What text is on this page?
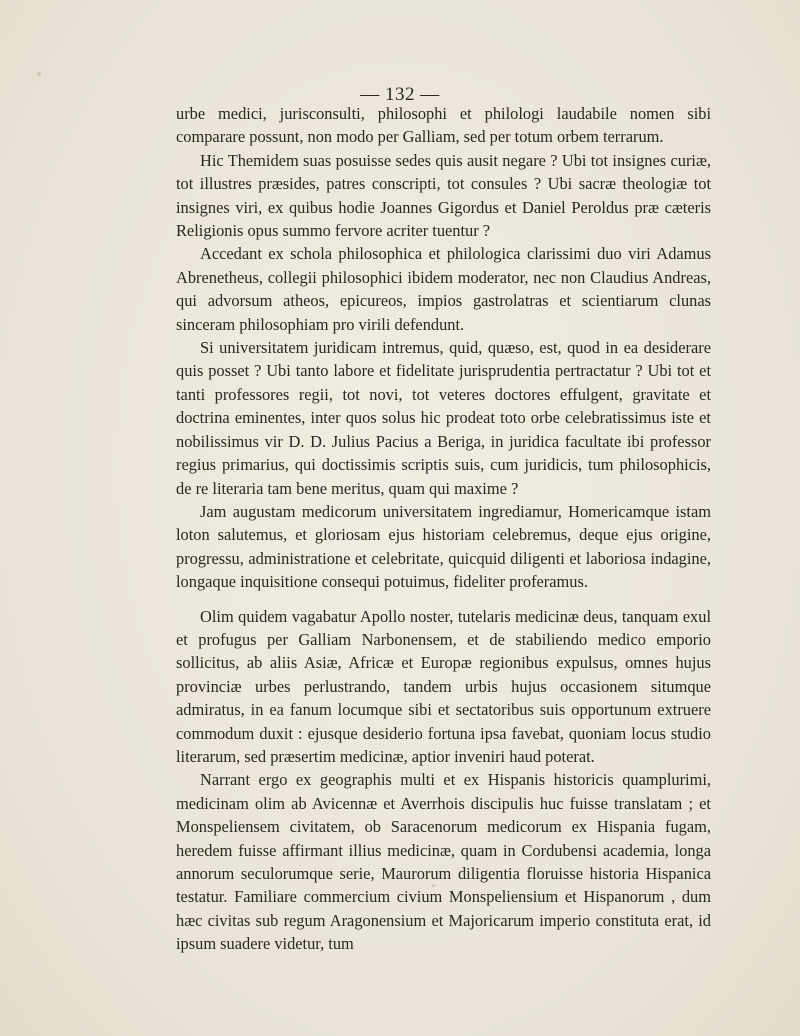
— 132 —

urbe medici, jurisconsulti, philosophi et philologi laudabile nomen sibi comparare possunt, non modo per Galliam, sed per totum orbem terrarum.

Hic Themidem suas posuisse sedes quis ausit negare ? Ubi tot insignes curiæ, tot illustres præsides, patres conscripti, tot consules ? Ubi sacræ theologiæ tot insignes viri, ex quibus hodie Joannes Gigordus et Daniel Peroldus præ cæteris Religionis opus summo fervore acriter tuentur ?

Accedant ex schola philosophica et philologica clarissimi duo viri Adamus Abrenetheus, collegii philosophici ibidem moderator, nec non Claudius Andreas, qui advorsum atheos, epicureos, impios gastrolatras et scientiarum clunas sinceram philosophiam pro virili defendunt.

Si universitatem juridicam intremus, quid, quæso, est, quod in ea desiderare quis posset ? Ubi tanto labore et fidelitate jurisprudentia pertractatur ? Ubi tot et tanti professores regii, tot novi, tot veteres doctores effulgent, gravitate et doctrina eminentes, inter quos solus hic prodeat toto orbe celebratissimus iste et nobilissimus vir D. D. Julius Pacius a Beriga, in juridica facultate ibi professor regius primarius, qui doctissimis scriptis suis, cum juridicis, tum philosophicis, de re literaria tam bene meritus, quam qui maxime ?

Jam augustam medicorum universitatem ingrediamur, Homericamque istam loton salutemus, et gloriosam ejus historiam celebremus, deque ejus origine, progressu, administratione et celebritate, quicquid diligenti et laboriosa indagine, longaque inquisitione consequi potuimus, fideliter proferamus.

Olim quidem vagabatur Apollo noster, tutelaris medicinæ deus, tanquam exul et profugus per Galliam Narbonensem, et de stabiliendo medico emporio sollicitus, ab aliis Asiæ, Africæ et Europæ regionibus expulsus, omnes hujus provinciæ urbes perlustrando, tandem urbis hujus occasionem situmque admiratus, in ea fanum locumque sibi et sectatoribus suis opportunum extruere commodum duxit : ejusque desiderio fortuna ipsa favebat, quoniam locus studio literarum, sed præsertim medicinæ, aptior inveniri haud poterat.

Narrant ergo ex geographis multi et ex Hispanis historicis quamplurimi, medicinam olim ab Avicennæ et Averrhois discipulis huc fuisse translatam ; et Monspeliensem civitatem, ob Saracenorum medicorum ex Hispania fugam, heredem fuisse affirmant illius medicinæ, quam in Cordubensi academia, longa annorum seculorumque serie, Maurorum diligentia floruisse historia Hispanica testatur. Familiare commercium civium Monspeliensium et Hispanorum , dum hæc civitas sub regum Aragonensium et Majoricarum imperio constituta erat, id ipsum suadere videtur, tum
